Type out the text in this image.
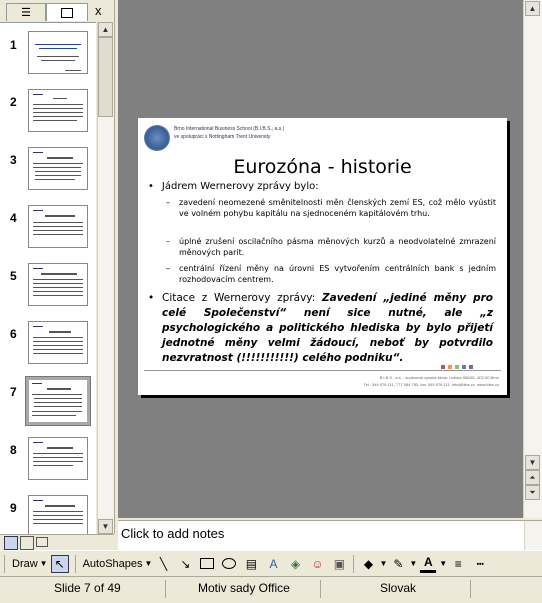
☰	x
1
2
3
4
5
6
7
8
9
▲
▼
▲
▼
⏶
⏷
Brno International Business School (B.I.B.S., a.s.)
ve spolupráci s Nottingham Trent University
Eurozóna - historie
• Jádrem Wernerovy zprávy bylo:
– zavedení neomezené směnitelnosti měn členských zemí ES, což mělo vyústit ve volném pohybu kapitálu na sjednoceném kapitálovém trhu.
– úplné zrušení oscilačního pásma měnových kurzů a neodvolatelné zmrazení měnových parit.
– centrální řízení měny na úrovni ES vytvořením centrálních bank s jedním rozhodovacím centrem.
• Citace z Wernerovy zprávy: Zavedení „jediné měny pro celé Společenství“ není sice nutné, ale „z psychologického a politického hlediska by bylo přijetí jednotné měny velmi žádoucí, neboť by potvrdilo nezvratnost (!!!!!!!!!!!) celého podniku“.
B.I.B.S., a.s. - soukromá vysoká škola, Lidická 960/81, 602 00 Brno
Tel.: 549 578 111, 777 084 783, fax: 549 578 111, info@bibs.cz, www.bibs.cz
Click to add notes
Draw ▼ ↖	AutoShapes ▼ ╲	↘	▤	A	◈ ☺ ▣ ◆ ▼ ✎ ▼ A ▼ ≡	┅
Slide 7 of 49	Motiv sady Office	Slovak
